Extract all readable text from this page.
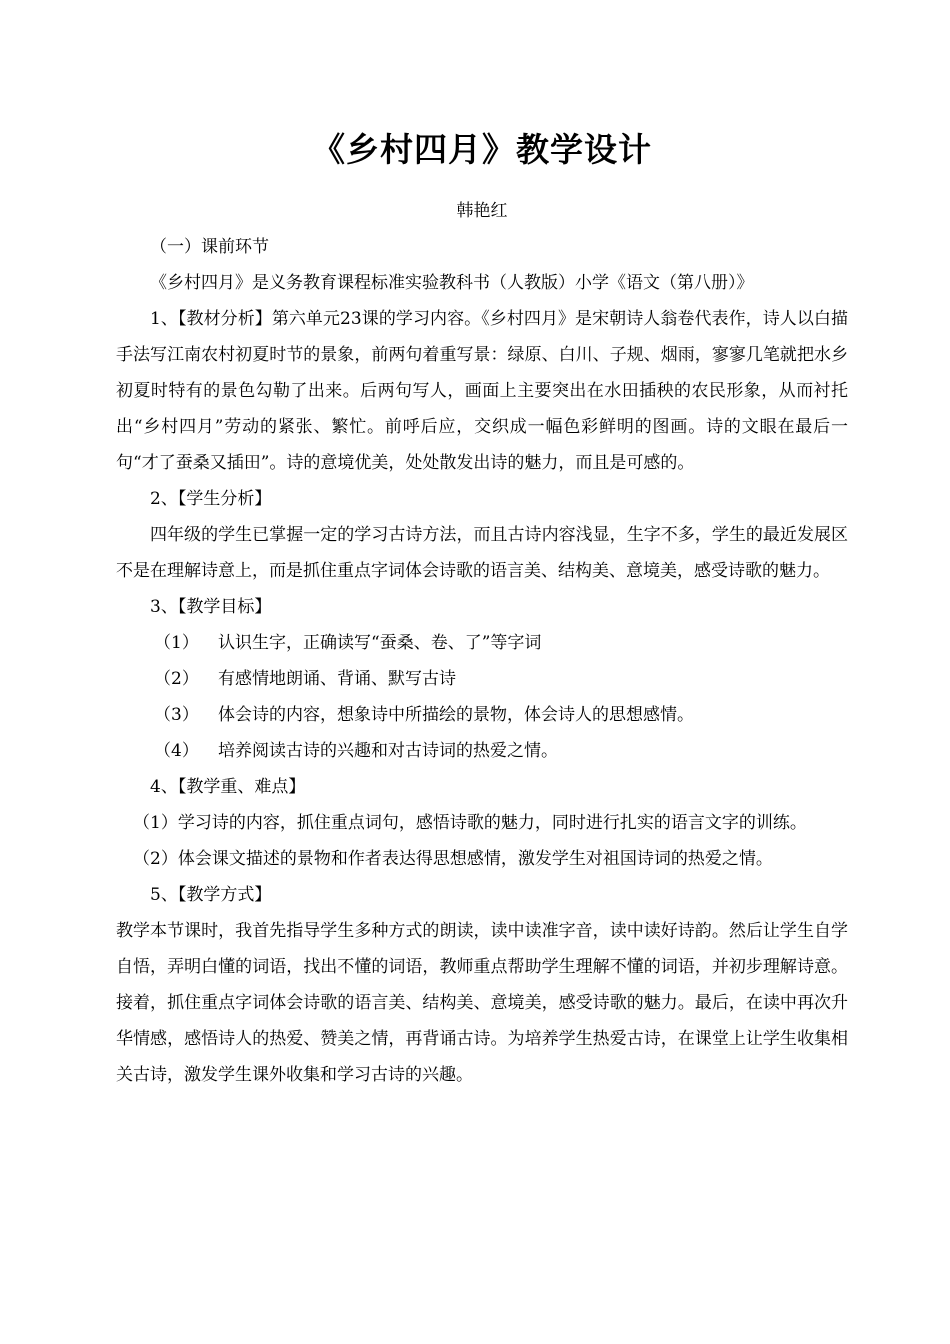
《乡村四月》教学设计
韩艳红

（一）课前环节

《乡村四月》是义务教育课程标准实验教科书（人教版）小学《语文（第八册）》

1、【教材分析】第六单元23课的学习内容。《乡村四月》是宋朝诗人翁卷代表作，诗人以白描手法写江南农村初夏时节的景象，前两句着重写景：绿原、白川、子规、烟雨，寥寥几笔就把水乡初夏时特有的景色勾勒了出来。后两句写人，画面上主要突出在水田插秧的农民形象，从而衬托出“乡村四月”劳动的紧张、繁忙。前呼后应，交织成一幅色彩鲜明的图画。诗的文眼在最后一句“才了蚕桑又插田”。诗的意境优美，处处散发出诗的魅力，而且是可感的。

2、【学生分析】

四年级的学生已掌握一定的学习古诗方法，而且古诗内容浅显，生字不多，学生的最近发展区不是在理解诗意上，而是抓住重点字词体会诗歌的语言美、结构美、意境美，感受诗歌的魅力。

3、【教学目标】

（1） 认识生字，正确读写“蚕桑、卷、了”等字词

（2） 有感情地朗诵、背诵、默写古诗

（3） 体会诗的内容，想象诗中所描绘的景物，体会诗人的思想感情。

（4） 培养阅读古诗的兴趣和对古诗词的热爱之情。

4、【教学重、难点】

（1）学习诗的内容，抓住重点词句，感悟诗歌的魅力，同时进行扎实的语言文字的训练。

（2）体会课文描述的景物和作者表达得思想感情，激发学生对祖国诗词的热爱之情。

5、【教学方式】

教学本节课时，我首先指导学生多种方式的朗读，读中读准字音，读中读好诗韵。然后让学生自学自悟，弄明白懂的词语，找出不懂的词语，教师重点帮助学生理解不懂的词语，并初步理解诗意。接着，抓住重点字词体会诗歌的语言美、结构美、意境美，感受诗歌的魅力。最后，在读中再次升华情感，感悟诗人的热爱、赞美之情，再背诵古诗。为培养学生热爱古诗，在课堂上让学生收集相关古诗，激发学生课外收集和学习古诗的兴趣。
